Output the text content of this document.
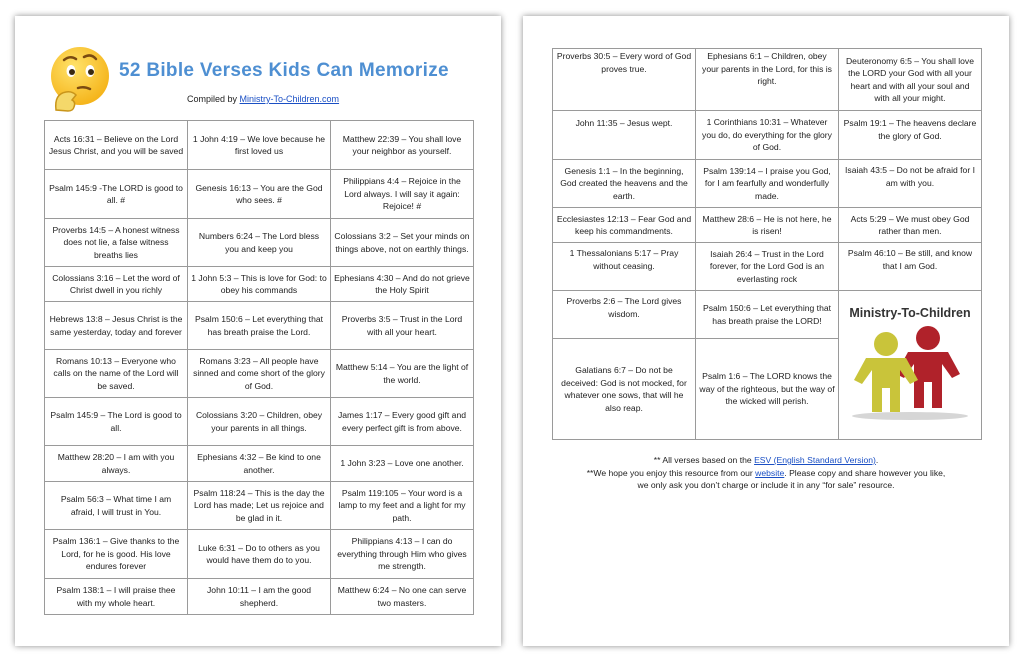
52 Bible Verses Kids Can Memorize
Compiled by Ministry-To-Children.com
Acts 16:31 – Believe on the Lord Jesus Christ, and you will be saved	1 John 4:19 – We love because he first loved us	Matthew 22:39 – You shall love your neighbor as yourself.
Psalm 145:9 -The LORD is good to all. #	Genesis 16:13 – You are the God who sees. #	Philippians 4:4 – Rejoice in the Lord always. I will say it again: Rejoice! #
Proverbs 14:5 – A honest witness does not lie, a false witness breaths lies	Numbers 6:24 – The Lord bless you and keep you	Colossians 3:2 – Set your minds on things above, not on earthly things.
Colossians 3:16 – Let the word of Christ dwell in you richly	1 John 5:3 – This is love for God: to obey his commands	Ephesians 4:30 – And do not grieve the Holy Spirit
Hebrews 13:8 – Jesus Christ is the same yesterday, today and forever	Psalm 150:6 – Let everything that has breath praise the Lord.	Proverbs 3:5 – Trust in the Lord with all your heart.
Romans 10:13 – Everyone who calls on the name of the Lord will be saved.	Romans 3:23 – All people have sinned and come short of the glory of God.	Matthew 5:14 – You are the light of the world.
Psalm 145:9 – The Lord is good to all.	Colossians 3:20 – Children, obey your parents in all things.	James 1:17 – Every good gift and every perfect gift is from above.
Matthew 28:20 – I am with you always.	Ephesians 4:32 – Be kind to one another.	1 John 3:23 – Love one another.
Psalm 56:3 – What time I am afraid, I will trust in You.	Psalm 118:24 – This is the day the Lord has made; Let us rejoice and be glad in it.	Psalm 119:105 – Your word is a lamp to my feet and a light for my path.
Psalm 136:1 – Give thanks to the Lord, for he is good. His love endures forever	Luke 6:31 – Do to others as you would have them do to you.	Philippians 4:13 – I can do everything through Him who gives me strength.
Psalm 138:1 – I will praise thee with my whole heart.	John 10:11 – I am the good shepherd.	Matthew 6:24 – No one can serve two masters.
Proverbs 30:5 – Every word of God proves true.	Ephesians 6:1 – Children, obey your parents in the Lord, for this is right.	Deuteronomy 6:5 – You shall love the LORD your God with all your heart and with all your soul and with all your might.
John 11:35 – Jesus wept.	1 Corinthians 10:31 – Whatever you do, do everything for the glory of God.	Psalm 19:1 – The heavens declare the glory of God.
Genesis 1:1 – In the beginning, God created the heavens and the earth.	Psalm 139:14 – I praise you God, for I am fearfully and wonderfully made.	Isaiah 43:5 – Do not be afraid for I am with you.
Ecclesiastes 12:13 – Fear God and keep his commandments.	Matthew 28:6 – He is not here, he is risen!	Acts 5:29 – We must obey God rather than men.
1 Thessalonians 5:17 – Pray without ceasing.	Isaiah 26:4 – Trust in the Lord forever, for the Lord God is an everlasting rock	Psalm 46:10 – Be still, and know that I am God.
Proverbs 2:6 – The Lord gives wisdom.	Psalm 150:6 – Let everything that has breath praise the LORD!	Ministry-To-Children

Galatians 6:7 – Do not be deceived: God is not mocked, for whatever one sows, that will he also reap.	Psalm 1:6 – The LORD knows the way of the righteous, but the way of the wicked will perish.	
** All verses based on the ESV (English Standard Version).
**We hope you enjoy this resource from our website. Please copy and share however you like,
we only ask you don’t charge or include it in any “for sale” resource.
